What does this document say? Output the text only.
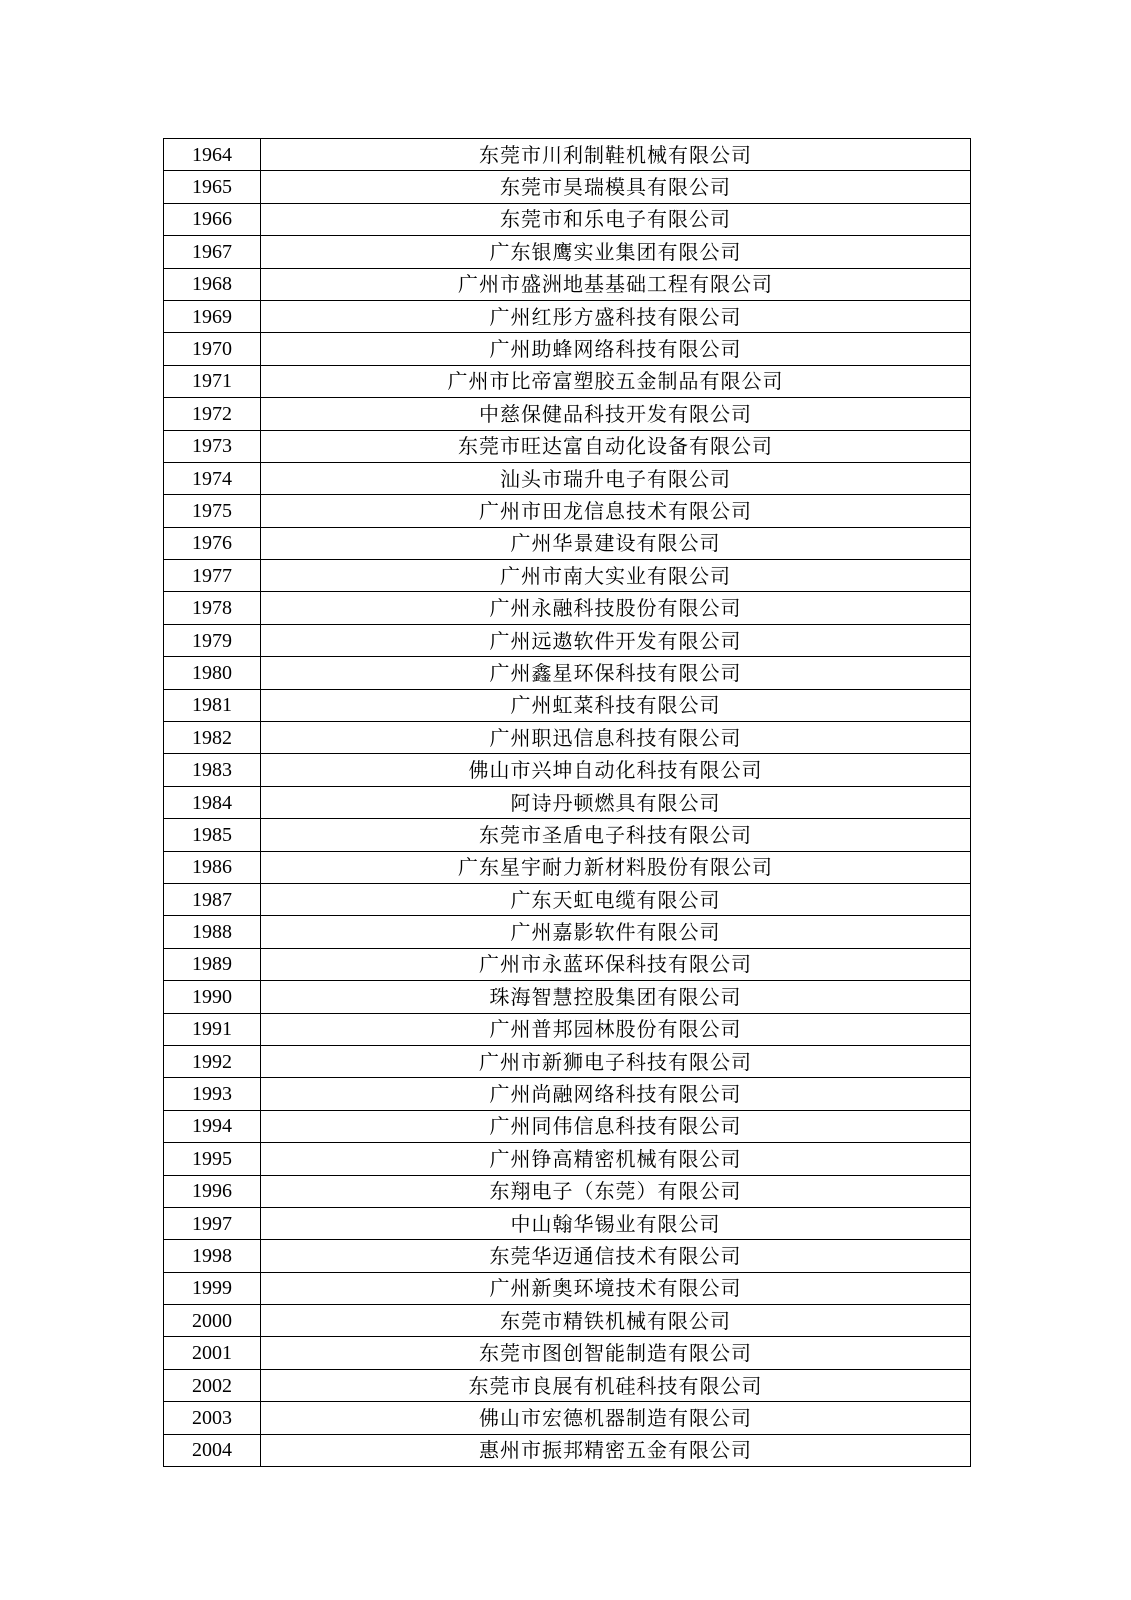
1964	东莞市川利制鞋机械有限公司
1965	东莞市昊瑞模具有限公司
1966	东莞市和乐电子有限公司
1967	广东银鹰实业集团有限公司
1968	广州市盛洲地基基础工程有限公司
1969	广州红彤方盛科技有限公司
1970	广州助蜂网络科技有限公司
1971	广州市比帝富塑胶五金制品有限公司
1972	中慈保健品科技开发有限公司
1973	东莞市旺达富自动化设备有限公司
1974	汕头市瑞升电子有限公司
1975	广州市田龙信息技术有限公司
1976	广州华景建设有限公司
1977	广州市南大实业有限公司
1978	广州永融科技股份有限公司
1979	广州远遨软件开发有限公司
1980	广州鑫星环保科技有限公司
1981	广州虹菜科技有限公司
1982	广州职迅信息科技有限公司
1983	佛山市兴坤自动化科技有限公司
1984	阿诗丹顿燃具有限公司
1985	东莞市圣盾电子科技有限公司
1986	广东星宇耐力新材料股份有限公司
1987	广东天虹电缆有限公司
1988	广州嘉影软件有限公司
1989	广州市永蓝环保科技有限公司
1990	珠海智慧控股集团有限公司
1991	广州普邦园林股份有限公司
1992	广州市新狮电子科技有限公司
1993	广州尚融网络科技有限公司
1994	广州同伟信息科技有限公司
1995	广州铮高精密机械有限公司
1996	东翔电子（东莞）有限公司
1997	中山翰华锡业有限公司
1998	东莞华迈通信技术有限公司
1999	广州新奥环境技术有限公司
2000	东莞市精铁机械有限公司
2001	东莞市图创智能制造有限公司
2002	东莞市良展有机硅科技有限公司
2003	佛山市宏德机器制造有限公司
2004	惠州市振邦精密五金有限公司
